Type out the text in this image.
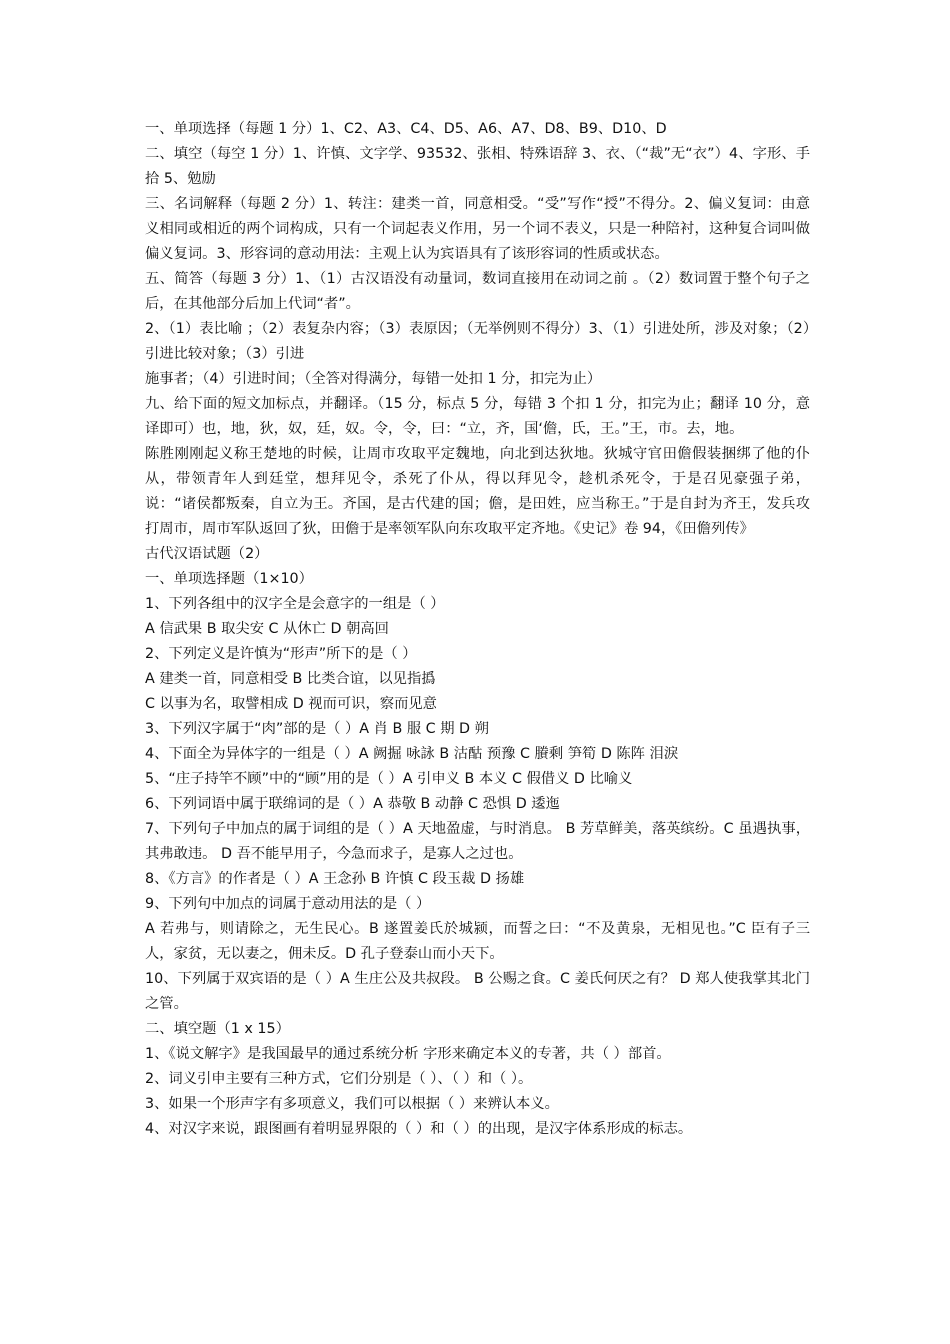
一、单项选择（每题 1 分）1、C2、A3、C4、D5、A6、A7、D8、B9、D10、D

二、填空（每空 1 分）1、许慎、文字学、93532、张相、特殊语辞 3、衣、（“裁”无“衣”）4、字形、手拾 5、勉励

三、名词解释（每题 2 分）1、转注：建类一首，同意相受。“受”写作“授”不得分。2、偏义复词：由意义相同或相近的两个词构成，只有一个词起表义作用，另一个词不表义，只是一种陪衬，这种复合词叫做偏义复词。3、形容词的意动用法：主观上认为宾语具有了该形容词的性质或状态。

五、简答（每题 3 分）1、（1）古汉语没有动量词，数词直接用在动词之前 。（2）数词置于整个句子之后，在其他部分后加上代词“者”。

2、（1）表比喻 ；（2）表复杂内容；（3）表原因；（无举例则不得分）3、（1）引进处所，涉及对象；（2）引进比较对象；（3）引进

施事者；（4）引进时间；（全答对得满分，每错一处扣 1 分，扣完为止）

九、给下面的短文加标点，并翻译。（15 分，标点 5 分，每错 3 个扣 1 分，扣完为止；翻译 10 分，意译即可）也，地，狄，奴，廷，奴。令，令，曰：“立，齐，国‘儋，氏，王。”王，市。去，地。

陈胜刚刚起义称王楚地的时候，让周市攻取平定魏地，向北到达狄地。狄城守官田儋假装捆绑了他的仆从，带领青年人到廷堂，想拜见令，杀死了仆从，得以拜见令，趁机杀死令，于是召见豪强子弟，说：“诸侯都叛秦，自立为王。齐国，是古代建的国；儋，是田姓，应当称王。”于是自封为齐王，发兵攻打周市，周市军队返回了狄，田儋于是率领军队向东攻取平定齐地。《史记》卷 94，《田儋列传》

古代汉语试题（2）

一、单项选择题（1×10）

1、下列各组中的汉字全是会意字的一组是（ ）

A 信武果 B 取尖安 C 从休亡 D 朝高回

2、下列定义是许慎为“形声”所下的是（ ）

A 建类一首，同意相受 B 比类合谊，以见指撝

C 以事为名，取譬相成 D 视而可识，察而见意

3、下列汉字属于“肉”部的是（ ）A 肖 B 服 C 期 D 朔

4、下面全为异体字的一组是（ ）A 阙掘 咏詠 B 沽酤 预豫 C 賸剩 笋筍 D 陈阵 泪淚

5、“庄子持竿不顾”中的“顾”用的是（ ）A 引申义 B 本义 C 假借义 D 比喻义

6、下列词语中属于联绵词的是（ ）A 恭敬 B 动静 C 恐惧 D 逶迤

7、下列句子中加点的属于词组的是（ ）A 天地盈虚，与时消息。 B 芳草鲜美，落英缤纷。C 虽遇执事，其弗敢违。 D 吾不能早用子，今急而求子，是寡人之过也。

8、《方言》的作者是（ ）A 王念孙 B 许慎 C 段玉裁 D 扬雄

9、下列句中加点的词属于意动用法的是（ ）

A 若弗与，则请除之，无生民心。B 遂置姜氏於城颍，而誓之曰：“不及黄泉，无相见也。”C 臣有子三人，家贫，无以妻之，佣未反。D 孔子登泰山而小天下。

10、下列属于双宾语的是（ ）A 生庄公及共叔段。 B 公赐之食。C 姜氏何厌之有？ D 郑人使我掌其北门之管。

二、填空题（1 x 15）

1、《说文解字》是我国最早的通过系统分析 字形来确定本义的专著，共（ ）部首。

2、词义引申主要有三种方式，它们分别是（ ）、（ ）和（ ）。

3、如果一个形声字有多项意义，我们可以根据（ ）来辨认本义。

4、对汉字来说，跟图画有着明显界限的（ ）和（ ）的出现，是汉字体系形成的标志。
